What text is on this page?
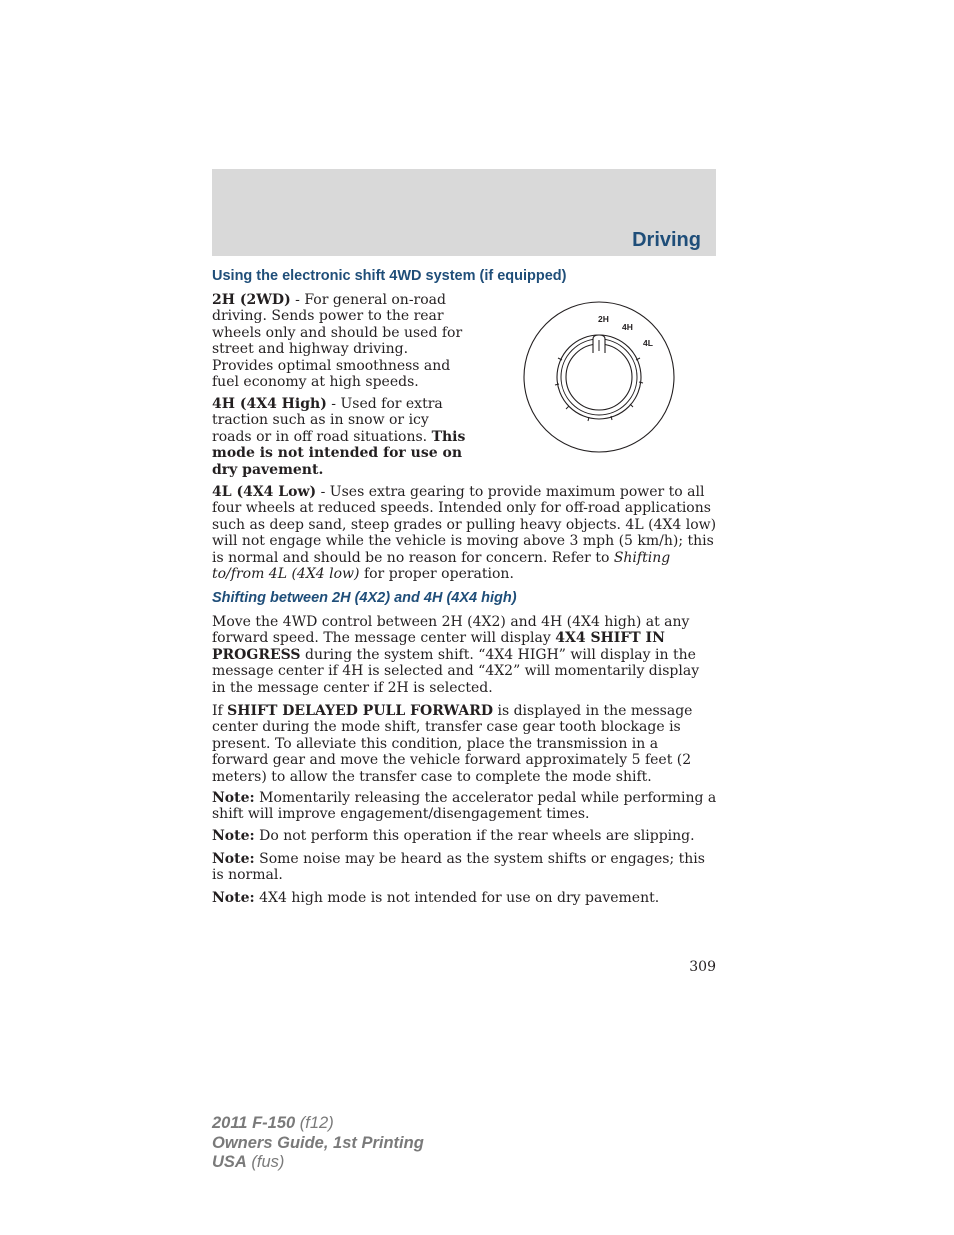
Driving
Using the electronic shift 4WD system (if equipped)

2H (2WD) - For general on-road driving. Sends power to the rear wheels only and should be used for street and highway driving. Provides optimal smoothness and fuel economy at high speeds.

4H (4X4 High) - Used for extra traction such as in snow or icy roads or in off road situations. This mode is not intended for use on dry pavement.

2H
4H
4L

4L (4X4 Low) - Uses extra gearing to provide maximum power to all four wheels at reduced speeds. Intended only for off-road applications such as deep sand, steep grades or pulling heavy objects. 4L (4X4 low) will not engage while the vehicle is moving above 3 mph (5 km/h); this is normal and should be no reason for concern. Refer to Shifting to/from 4L (4X4 low) for proper operation.

Shifting between 2H (4X2) and 4H (4X4 high)

Move the 4WD control between 2H (4X2) and 4H (4X4 high) at any forward speed. The message center will display 4X4 SHIFT IN PROGRESS during the system shift. “4X4 HIGH” will display in the message center if 4H is selected and “4X2” will momentarily display in the message center if 2H is selected.

If SHIFT DELAYED PULL FORWARD is displayed in the message center during the mode shift, transfer case gear tooth blockage is present. To alleviate this condition, place the transmission in a forward gear and move the vehicle forward approximately 5 feet (2 meters) to allow the transfer case to complete the mode shift.

Note: Momentarily releasing the accelerator pedal while performing a shift will improve engagement/disengagement times.

Note: Do not perform this operation if the rear wheels are slipping.

Note: Some noise may be heard as the system shifts or engages; this is normal.

Note: 4X4 high mode is not intended for use on dry pavement.

309
2011 F-150 (f12)
Owners Guide, 1st Printing
USA (fus)
